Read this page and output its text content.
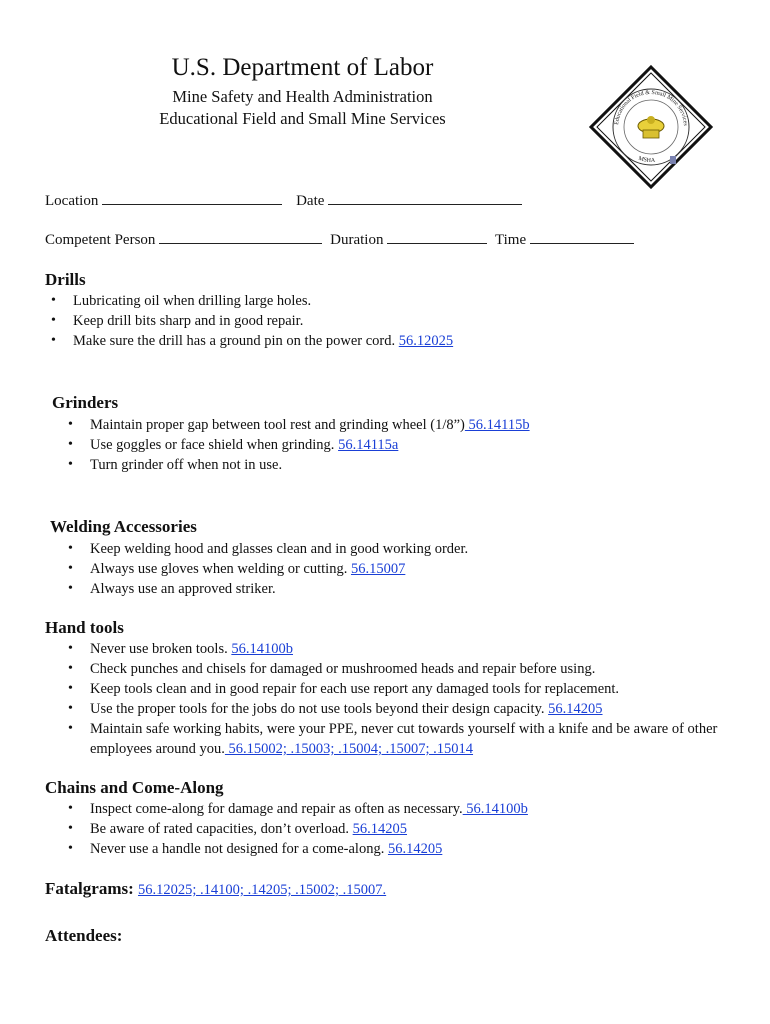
U.S. Department of Labor
Mine Safety and Health Administration
Educational Field and Small Mine Services	Educational Field & Small Mine Services
MSHA
Location	Date
Competent Person	Duration	Time
Drills
• Lubricating oil when drilling large holes.
• Keep drill bits sharp and in good repair.
• Make sure the drill has a ground pin on the power cord. 56.12025
Grinders
• Maintain proper gap between tool rest and grinding wheel (1/8”) 56.14115b
• Use goggles or face shield when grinding. 56.14115a
• Turn grinder off when not in use.
Welding Accessories
• Keep welding hood and glasses clean and in good working order.
• Always use gloves when welding or cutting. 56.15007
• Always use an approved striker.
Hand tools
• Never use broken tools. 56.14100b
• Check punches and chisels for damaged or mushroomed heads and repair before using.
• Keep tools clean and in good repair for each use report any damaged tools for replacement.
• Use the proper tools for the jobs do not use tools beyond their design capacity. 56.14205
• Maintain safe working habits, were your PPE, never cut towards yourself with a knife and be aware of other employees around you. 56.15002; .15003; .15004; .15007; .15014
Chains and Come-Along
• Inspect come-along for damage and repair as often as necessary. 56.14100b
• Be aware of rated capacities, don’t overload. 56.14205
• Never use a handle not designed for a come-along. 56.14205
Fatalgrams: 56.12025; .14100; .14205; .15002; .15007.
Attendees:
